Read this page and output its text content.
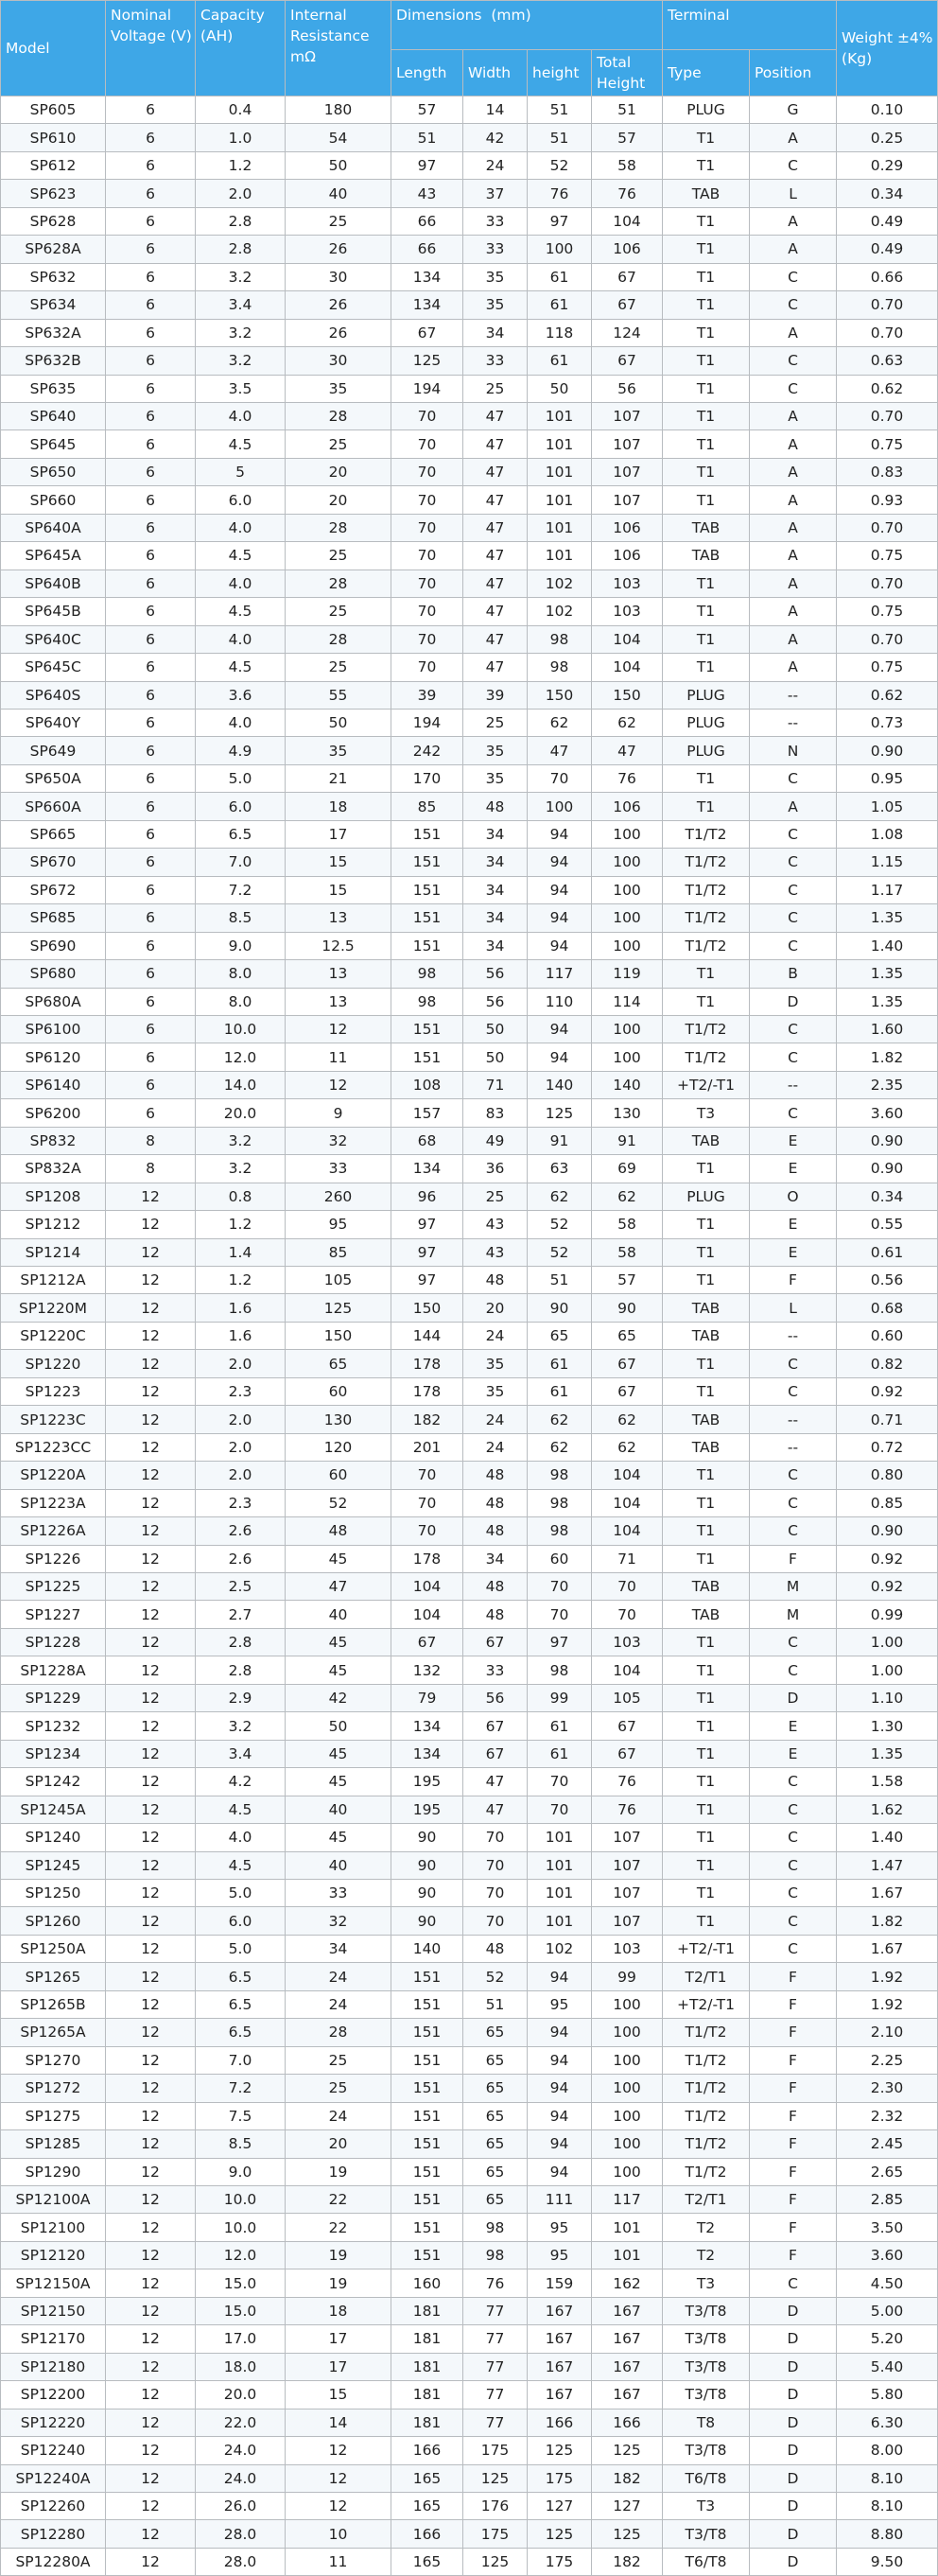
Model	Nominal Voltage (V)	Capacity (AH)	Internal Resistance mΩ	Dimensions  (mm)				Terminal		Weight ±4%(Kg)
				Length	Width	height	Total Height	Type	Position	
SP605	6	0.4	180	57	14	51	51	PLUG	G	0.10
SP610	6	1.0	54	51	42	51	57	T1	A	0.25
SP612	6	1.2	50	97	24	52	58	T1	C	0.29
SP623	6	2.0	40	43	37	76	76	TAB	L	0.34
SP628	6	2.8	25	66	33	97	104	T1	A	0.49
SP628A	6	2.8	26	66	33	100	106	T1	A	0.49
SP632	6	3.2	30	134	35	61	67	T1	C	0.66
SP634	6	3.4	26	134	35	61	67	T1	C	0.70
SP632A	6	3.2	26	67	34	118	124	T1	A	0.70
SP632B	6	3.2	30	125	33	61	67	T1	C	0.63
SP635	6	3.5	35	194	25	50	56	T1	C	0.62
SP640	6	4.0	28	70	47	101	107	T1	A	0.70
SP645	6	4.5	25	70	47	101	107	T1	A	0.75
SP650	6	5	20	70	47	101	107	T1	A	0.83
SP660	6	6.0	20	70	47	101	107	T1	A	0.93
SP640A	6	4.0	28	70	47	101	106	TAB	A	0.70
SP645A	6	4.5	25	70	47	101	106	TAB	A	0.75
SP640B	6	4.0	28	70	47	102	103	T1	A	0.70
SP645B	6	4.5	25	70	47	102	103	T1	A	0.75
SP640C	6	4.0	28	70	47	98	104	T1	A	0.70
SP645C	6	4.5	25	70	47	98	104	T1	A	0.75
SP640S	6	3.6	55	39	39	150	150	PLUG	--	0.62
SP640Y	6	4.0	50	194	25	62	62	PLUG	--	0.73
SP649	6	4.9	35	242	35	47	47	PLUG	N	0.90
SP650A	6	5.0	21	170	35	70	76	T1	C	0.95
SP660A	6	6.0	18	85	48	100	106	T1	A	1.05
SP665	6	6.5	17	151	34	94	100	T1/T2	C	1.08
SP670	6	7.0	15	151	34	94	100	T1/T2	C	1.15
SP672	6	7.2	15	151	34	94	100	T1/T2	C	1.17
SP685	6	8.5	13	151	34	94	100	T1/T2	C	1.35
SP690	6	9.0	12.5	151	34	94	100	T1/T2	C	1.40
SP680	6	8.0	13	98	56	117	119	T1	B	1.35
SP680A	6	8.0	13	98	56	110	114	T1	D	1.35
SP6100	6	10.0	12	151	50	94	100	T1/T2	C	1.60
SP6120	6	12.0	11	151	50	94	100	T1/T2	C	1.82
SP6140	6	14.0	12	108	71	140	140	+T2/-T1	--	2.35
SP6200	6	20.0	9	157	83	125	130	T3	C	3.60
SP832	8	3.2	32	68	49	91	91	TAB	E	0.90
SP832A	8	3.2	33	134	36	63	69	T1	E	0.90
SP1208	12	0.8	260	96	25	62	62	PLUG	O	0.34
SP1212	12	1.2	95	97	43	52	58	T1	E	0.55
SP1214	12	1.4	85	97	43	52	58	T1	E	0.61
SP1212A	12	1.2	105	97	48	51	57	T1	F	0.56
SP1220M	12	1.6	125	150	20	90	90	TAB	L	0.68
SP1220C	12	1.6	150	144	24	65	65	TAB	--	0.60
SP1220	12	2.0	65	178	35	61	67	T1	C	0.82
SP1223	12	2.3	60	178	35	61	67	T1	C	0.92
SP1223C	12	2.0	130	182	24	62	62	TAB	--	0.71
SP1223CC	12	2.0	120	201	24	62	62	TAB	--	0.72
SP1220A	12	2.0	60	70	48	98	104	T1	C	0.80
SP1223A	12	2.3	52	70	48	98	104	T1	C	0.85
SP1226A	12	2.6	48	70	48	98	104	T1	C	0.90
SP1226	12	2.6	45	178	34	60	71	T1	F	0.92
SP1225	12	2.5	47	104	48	70	70	TAB	M	0.92
SP1227	12	2.7	40	104	48	70	70	TAB	M	0.99
SP1228	12	2.8	45	67	67	97	103	T1	C	1.00
SP1228A	12	2.8	45	132	33	98	104	T1	C	1.00
SP1229	12	2.9	42	79	56	99	105	T1	D	1.10
SP1232	12	3.2	50	134	67	61	67	T1	E	1.30
SP1234	12	3.4	45	134	67	61	67	T1	E	1.35
SP1242	12	4.2	45	195	47	70	76	T1	C	1.58
SP1245A	12	4.5	40	195	47	70	76	T1	C	1.62
SP1240	12	4.0	45	90	70	101	107	T1	C	1.40
SP1245	12	4.5	40	90	70	101	107	T1	C	1.47
SP1250	12	5.0	33	90	70	101	107	T1	C	1.67
SP1260	12	6.0	32	90	70	101	107	T1	C	1.82
SP1250A	12	5.0	34	140	48	102	103	+T2/-T1	C	1.67
SP1265	12	6.5	24	151	52	94	99	T2/T1	F	1.92
SP1265B	12	6.5	24	151	51	95	100	+T2/-T1	F	1.92
SP1265A	12	6.5	28	151	65	94	100	T1/T2	F	2.10
SP1270	12	7.0	25	151	65	94	100	T1/T2	F	2.25
SP1272	12	7.2	25	151	65	94	100	T1/T2	F	2.30
SP1275	12	7.5	24	151	65	94	100	T1/T2	F	2.32
SP1285	12	8.5	20	151	65	94	100	T1/T2	F	2.45
SP1290	12	9.0	19	151	65	94	100	T1/T2	F	2.65
SP12100A	12	10.0	22	151	65	111	117	T2/T1	F	2.85
SP12100	12	10.0	22	151	98	95	101	T2	F	3.50
SP12120	12	12.0	19	151	98	95	101	T2	F	3.60
SP12150A	12	15.0	19	160	76	159	162	T3	C	4.50
SP12150	12	15.0	18	181	77	167	167	T3/T8	D	5.00
SP12170	12	17.0	17	181	77	167	167	T3/T8	D	5.20
SP12180	12	18.0	17	181	77	167	167	T3/T8	D	5.40
SP12200	12	20.0	15	181	77	167	167	T3/T8	D	5.80
SP12220	12	22.0	14	181	77	166	166	T8	D	6.30
SP12240	12	24.0	12	166	175	125	125	T3/T8	D	8.00
SP12240A	12	24.0	12	165	125	175	182	T6/T8	D	8.10
SP12260	12	26.0	12	165	176	127	127	T3	D	8.10
SP12280	12	28.0	10	166	175	125	125	T3/T8	D	8.80
SP12280A	12	28.0	11	165	125	175	182	T6/T8	D	9.50
